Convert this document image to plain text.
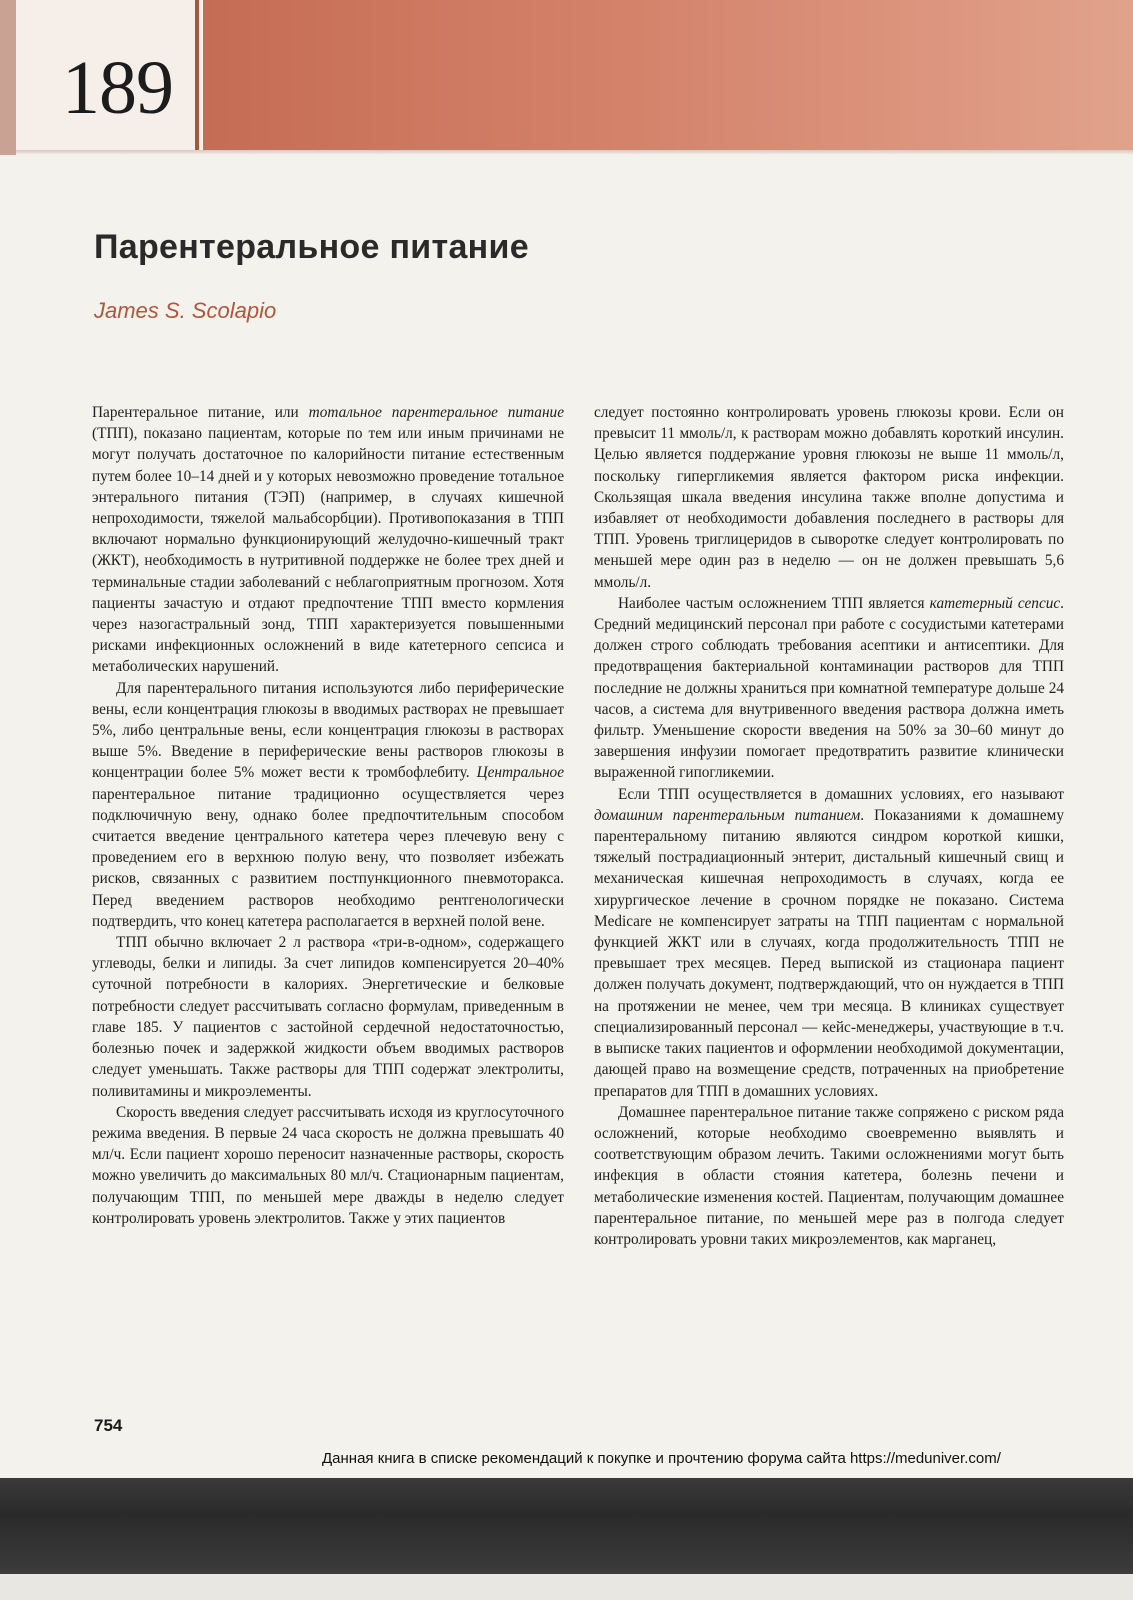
189
Парентеральное питание
James S. Scolapio

Парентеральное питание, или тотальное парентеральное питание (ТПП), показано пациентам, которые по тем или иным причинами не могут получать достаточное по калорийности питание естественным путем более 10–14 дней и у которых невозможно проведение тотальное энтерального питания (ТЭП) (например, в случаях кишечной непроходимости, тяжелой мальабсорбции). Противопоказания в ТПП включают нормально функционирующий желудочно-кишечный тракт (ЖКТ), необходимость в нутритивной поддержке не более трех дней и терминальные стадии заболеваний с неблагоприятным прогнозом. Хотя пациенты зачастую и отдают предпочтение ТПП вместо кормления через назогастральный зонд, ТПП характеризуется повышенными рисками инфекционных осложнений в виде катетерного сепсиса и метаболических нарушений.

Для парентерального питания используются либо периферические вены, если концентрация глюкозы в вводимых растворах не превышает 5%, либо центральные вены, если концентрация глюкозы в растворах выше 5%. Введение в периферические вены растворов глюкозы в концентрации более 5% может вести к тромбофлебиту. Центральное парентеральное питание традиционно осуществляется через подключичную вену, однако более предпочтительным способом считается введение центрального катетера через плечевую вену с проведением его в верхнюю полую вену, что позволяет избежать рисков, связанных с развитием постпункционного пневмоторакса. Перед введением растворов необходимо рентгенологически подтвердить, что конец катетера располагается в верхней полой вене.

ТПП обычно включает 2 л раствора «три-в-одном», содержащего углеводы, белки и липиды. За счет липидов компенсируется 20–40% суточной потребности в калориях. Энергетические и белковые потребности следует рассчитывать согласно формулам, приведенным в главе 185. У пациентов с застойной сердечной недостаточностью, болезнью почек и задержкой жидкости объем вводимых растворов следует уменьшать. Также растворы для ТПП содержат электролиты, поливитамины и микроэлементы.

Скорость введения следует рассчитывать исходя из круглосуточного режима введения. В первые 24 часа скорость не должна превышать 40 мл/ч. Если пациент хорошо переносит назначенные растворы, скорость можно увеличить до максимальных 80 мл/ч. Стационарным пациентам, получающим ТПП, по меньшей мере дважды в неделю следует контролировать уровень электролитов. Также у этих пациентов

следует постоянно контролировать уровень глюкозы крови. Если он превысит 11 ммоль/л, к растворам можно добавлять короткий инсулин. Целью является поддержание уровня глюкозы не выше 11 ммоль/л, поскольку гипергликемия является фактором риска инфекции. Скользящая шкала введения инсулина также вполне допустима и избавляет от необходимости добавления последнего в растворы для ТПП. Уровень триглицеридов в сыворотке следует контролировать по меньшей мере один раз в неделю — он не должен превышать 5,6 ммоль/л.

Наиболее частым осложнением ТПП является катетерный сепсис. Средний медицинский персонал при работе с сосудистыми катетерами должен строго соблюдать требования асептики и антисептики. Для предотвращения бактериальной контаминации растворов для ТПП последние не должны храниться при комнатной температуре дольше 24 часов, а система для внутривенного введения раствора должна иметь фильтр. Уменьшение скорости введения на 50% за 30–60 минут до завершения инфузии помогает предотвратить развитие клинически выраженной гипогликемии.

Если ТПП осуществляется в домашних условиях, его называют домашним парентеральным питанием. Показаниями к домашнему парентеральному питанию являются синдром короткой кишки, тяжелый пострадиационный энтерит, дистальный кишечный свищ и механическая кишечная непроходимость в случаях, когда ее хирургическое лечение в срочном порядке не показано. Система Medicare не компенсирует затраты на ТПП пациентам с нормальной функцией ЖКТ или в случаях, когда продолжительность ТПП не превышает трех месяцев. Перед выпиской из стационара пациент должен получать документ, подтверждающий, что он нуждается в ТПП на протяжении не менее, чем три месяца. В клиниках существует специализированный персонал — кейс-менеджеры, участвующие в т.ч. в выписке таких пациентов и оформлении необходимой документации, дающей право на возмещение средств, потраченных на приобретение препаратов для ТПП в домашних условиях.

Домашнее парентеральное питание также сопряжено с риском ряда осложнений, которые необходимо своевременно выявлять и соответствующим образом лечить. Такими осложнениями могут быть инфекция в области стояния катетера, болезнь печени и метаболические изменения костей. Пациентам, получающим домашнее парентеральное питание, по меньшей мере раз в полгода следует контролировать уровни таких микроэлементов, как марганец,

754
Данная книга в списке рекомендаций к покупке и прочтению форума сайта https://meduniver.com/
